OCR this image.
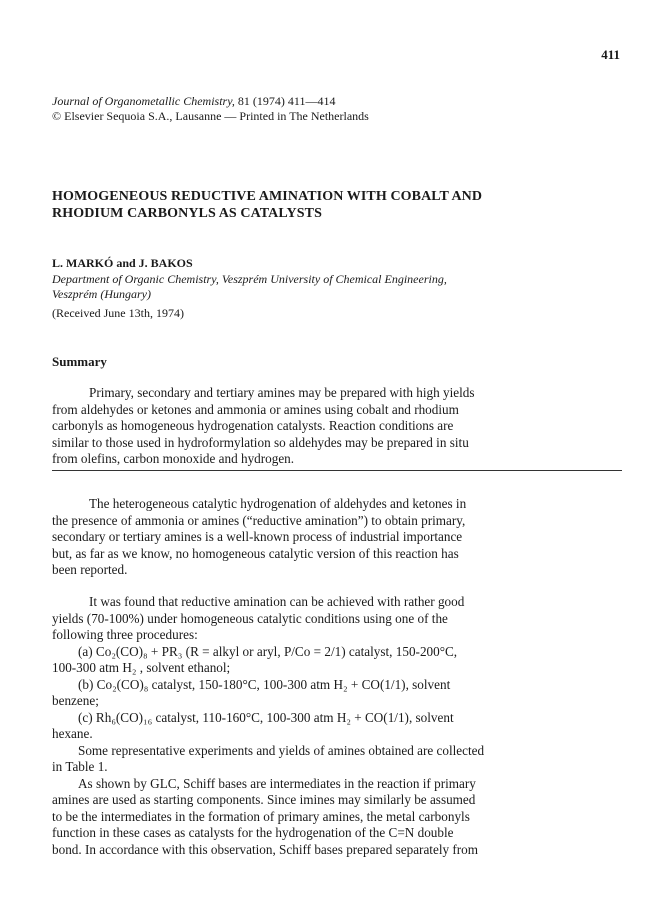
411
Journal of Organometallic Chemistry, 81 (1974) 411—414
© Elsevier Sequoia S.A., Lausanne — Printed in The Netherlands
HOMOGENEOUS REDUCTIVE AMINATION WITH COBALT AND
RHODIUM CARBONYLS AS CATALYSTS
L. MARKÓ and J. BAKOS
Department of Organic Chemistry, Veszprém University of Chemical Engineering,
Veszprém (Hungary)
(Received June 13th, 1974)
Summary
Primary, secondary and tertiary amines may be prepared with high yields
from aldehydes or ketones and ammonia or amines using cobalt and rhodium
carbonyls as homogeneous hydrogenation catalysts. Reaction conditions are
similar to those used in hydroformylation so aldehydes may be prepared in situ
from olefins, carbon monoxide and hydrogen.
The heterogeneous catalytic hydrogenation of aldehydes and ketones in
the presence of ammonia or amines (“reductive amination”) to obtain primary,
secondary or tertiary amines is a well-known process of industrial importance
but, as far as we know, no homogeneous catalytic version of this reaction has
been reported.
It was found that reductive amination can be achieved with rather good
yields (70-100%) under homogeneous catalytic conditions using one of the
following three procedures:
(a) Co₂(CO)₈ + PR₃ (R = alkyl or aryl, P/Co = 2/1) catalyst, 150-200°C,
100-300 atm H₂ , solvent ethanol;
(b) Co₂(CO)₈ catalyst, 150-180°C, 100-300 atm H₂ + CO(1/1), solvent
benzene;
(c) Rh₆(CO)₁₆ catalyst, 110-160°C, 100-300 atm H₂ + CO(1/1), solvent
hexane.
Some representative experiments and yields of amines obtained are collected
in Table 1.
As shown by GLC, Schiff bases are intermediates in the reaction if primary
amines are used as starting components. Since imines may similarly be assumed
to be the intermediates in the formation of primary amines, the metal carbonyls
function in these cases as catalysts for the hydrogenation of the C=N double
bond. In accordance with this observation, Schiff bases prepared separately from
